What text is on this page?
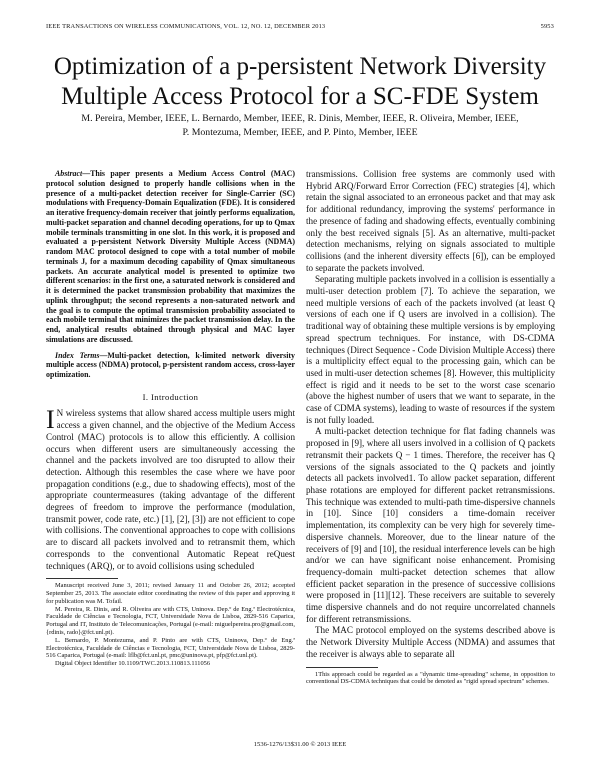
IEEE TRANSACTIONS ON WIRELESS COMMUNICATIONS, VOL. 12, NO. 12, DECEMBER 2013	5953
Optimization of a p-persistent Network Diversity
Multiple Access Protocol for a SC-FDE System
M. Pereira, Member, IEEE, L. Bernardo, Member, IEEE, R. Dinis, Member, IEEE, R. Oliveira, Member, IEEE,
P. Montezuma, Member, IEEE, and P. Pinto, Member, IEEE

Abstract—This paper presents a Medium Access Control (MAC) protocol solution designed to properly handle collisions when in the presence of a multi-packet detection receiver for Single-Carrier (SC) modulations with Frequency-Domain Equalization (FDE). It is considered an iterative frequency-domain receiver that jointly performs equalization, multi-packet separation and channel decoding operations, for up to Qmax mobile terminals transmitting in one slot. In this work, it is proposed and evaluated a p-persistent Network Diversity Multiple Access (NDMA) random MAC protocol designed to cope with a total number of mobile terminals J, for a maximum decoding capability of Qmax simultaneous packets. An accurate analytical model is presented to optimize two different scenarios: in the first one, a saturated network is considered and it is determined the packet transmission probability that maximizes the uplink throughput; the second represents a non-saturated network and the goal is to compute the optimal transmission probability associated to each mobile terminal that minimizes the packet transmission delay. In the end, analytical results obtained through physical and MAC layer simulations are discussed.

Index Terms—Multi-packet detection, k-limited network diversity multiple access (NDMA) protocol, p-persistent random access, cross-layer optimization.

I. Introduction

I N wireless systems that allow shared access multiple users might access a given channel, and the objective of the Medium Access Control (MAC) protocols is to allow this efficiently. A collision occurs when different users are simultaneously accessing the channel and the packets involved are too disrupted to allow their detection. Although this resembles the case where we have poor propagation conditions (e.g., due to shadowing effects), most of the appropriate countermeasures (taking advantage of the different degrees of freedom to improve the performance (modulation, transmit power, code rate, etc.) [1], [2], [3]) are not efficient to cope with collisions. The conventional approaches to cope with collisions are to discard all packets involved and to retransmit them, which corresponds to the conventional Automatic Repeat reQuest techniques (ARQ), or to avoid collisions using scheduled

Manuscript received June 3, 2011; revised January 11 and October 26, 2012; accepted September 25, 2013. The associate editor coordinating the review of this paper and approving it for publication was M. Tofail.

M. Pereira, R. Dinis, and R. Oliveira are with CTS, Uninova. Dep.º de Eng.ª Electrotécnica, Faculdade de Ciências e Tecnologia, FCT, Universidade Nova de Lisboa, 2829-516 Caparica, Portugal and IT, Instituto de Telecomunicações, Portugal (e-mail: miguelpereira.pro@gmail.com, {rdinis, rado}@fct.unl.pt).

L. Bernardo, P. Montezuma, and P. Pinto are with CTS, Uninova, Dep.º de Eng.ª Electrotécnica, Faculdade de Ciências e Tecnologia, FCT, Universidade Nova de Lisboa, 2829-516 Caparica, Portugal (e-mail: lflb@fct.unl.pt, pmc@uninova.pt, pfp@fct.unl.pt).

Digital Object Identifier 10.1109/TWC.2013.110813.111056

transmissions. Collision free systems are commonly used with Hybrid ARQ/Forward Error Correction (FEC) strategies [4], which retain the signal associated to an erroneous packet and that may ask for additional redundancy, improving the systems' performance in the presence of fading and shadowing effects, eventually combining only the best received signals [5]. As an alternative, multi-packet detection mechanisms, relying on signals associated to multiple collisions (and the inherent diversity effects [6]), can be employed to separate the packets involved.

Separating multiple packets involved in a collision is essentially a multi-user detection problem [7]. To achieve the separation, we need multiple versions of each of the packets involved (at least Q versions of each one if Q users are involved in a collision). The traditional way of obtaining these multiple versions is by employing spread spectrum techniques. For instance, with DS-CDMA techniques (Direct Sequence - Code Division Multiple Access) there is a multiplicity effect equal to the processing gain, which can be used in multi-user detection schemes [8]. However, this multiplicity effect is rigid and it needs to be set to the worst case scenario (above the highest number of users that we want to separate, in the case of CDMA systems), leading to waste of resources if the system is not fully loaded.

A multi-packet detection technique for flat fading channels was proposed in [9], where all users involved in a collision of Q packets retransmit their packets Q − 1 times. Therefore, the receiver has Q versions of the signals associated to the Q packets and jointly detects all packets involved1. To allow packet separation, different phase rotations are employed for different packet retransmissions. This technique was extended to multi-path time-dispersive channels in [10]. Since [10] considers a time-domain receiver implementation, its complexity can be very high for severely time-dispersive channels. Moreover, due to the linear nature of the receivers of [9] and [10], the residual interference levels can be high and/or we can have significant noise enhancement. Promising frequency-domain multi-packet detection schemes that allow efficient packet separation in the presence of successive collisions were proposed in [11][12]. These receivers are suitable to severely time dispersive channels and do not require uncorrelated channels for different retransmissions.

The MAC protocol employed on the systems described above is the Network Diversity Multiple Access (NDMA) and assumes that the receiver is always able to separate all

1This approach could be regarded as a "dynamic time-spreading" scheme, in opposition to conventional DS-CDMA techniques that could be denoted as "rigid spread spectrum" schemes.

1536-1276/13$31.00 © 2013 IEEE
